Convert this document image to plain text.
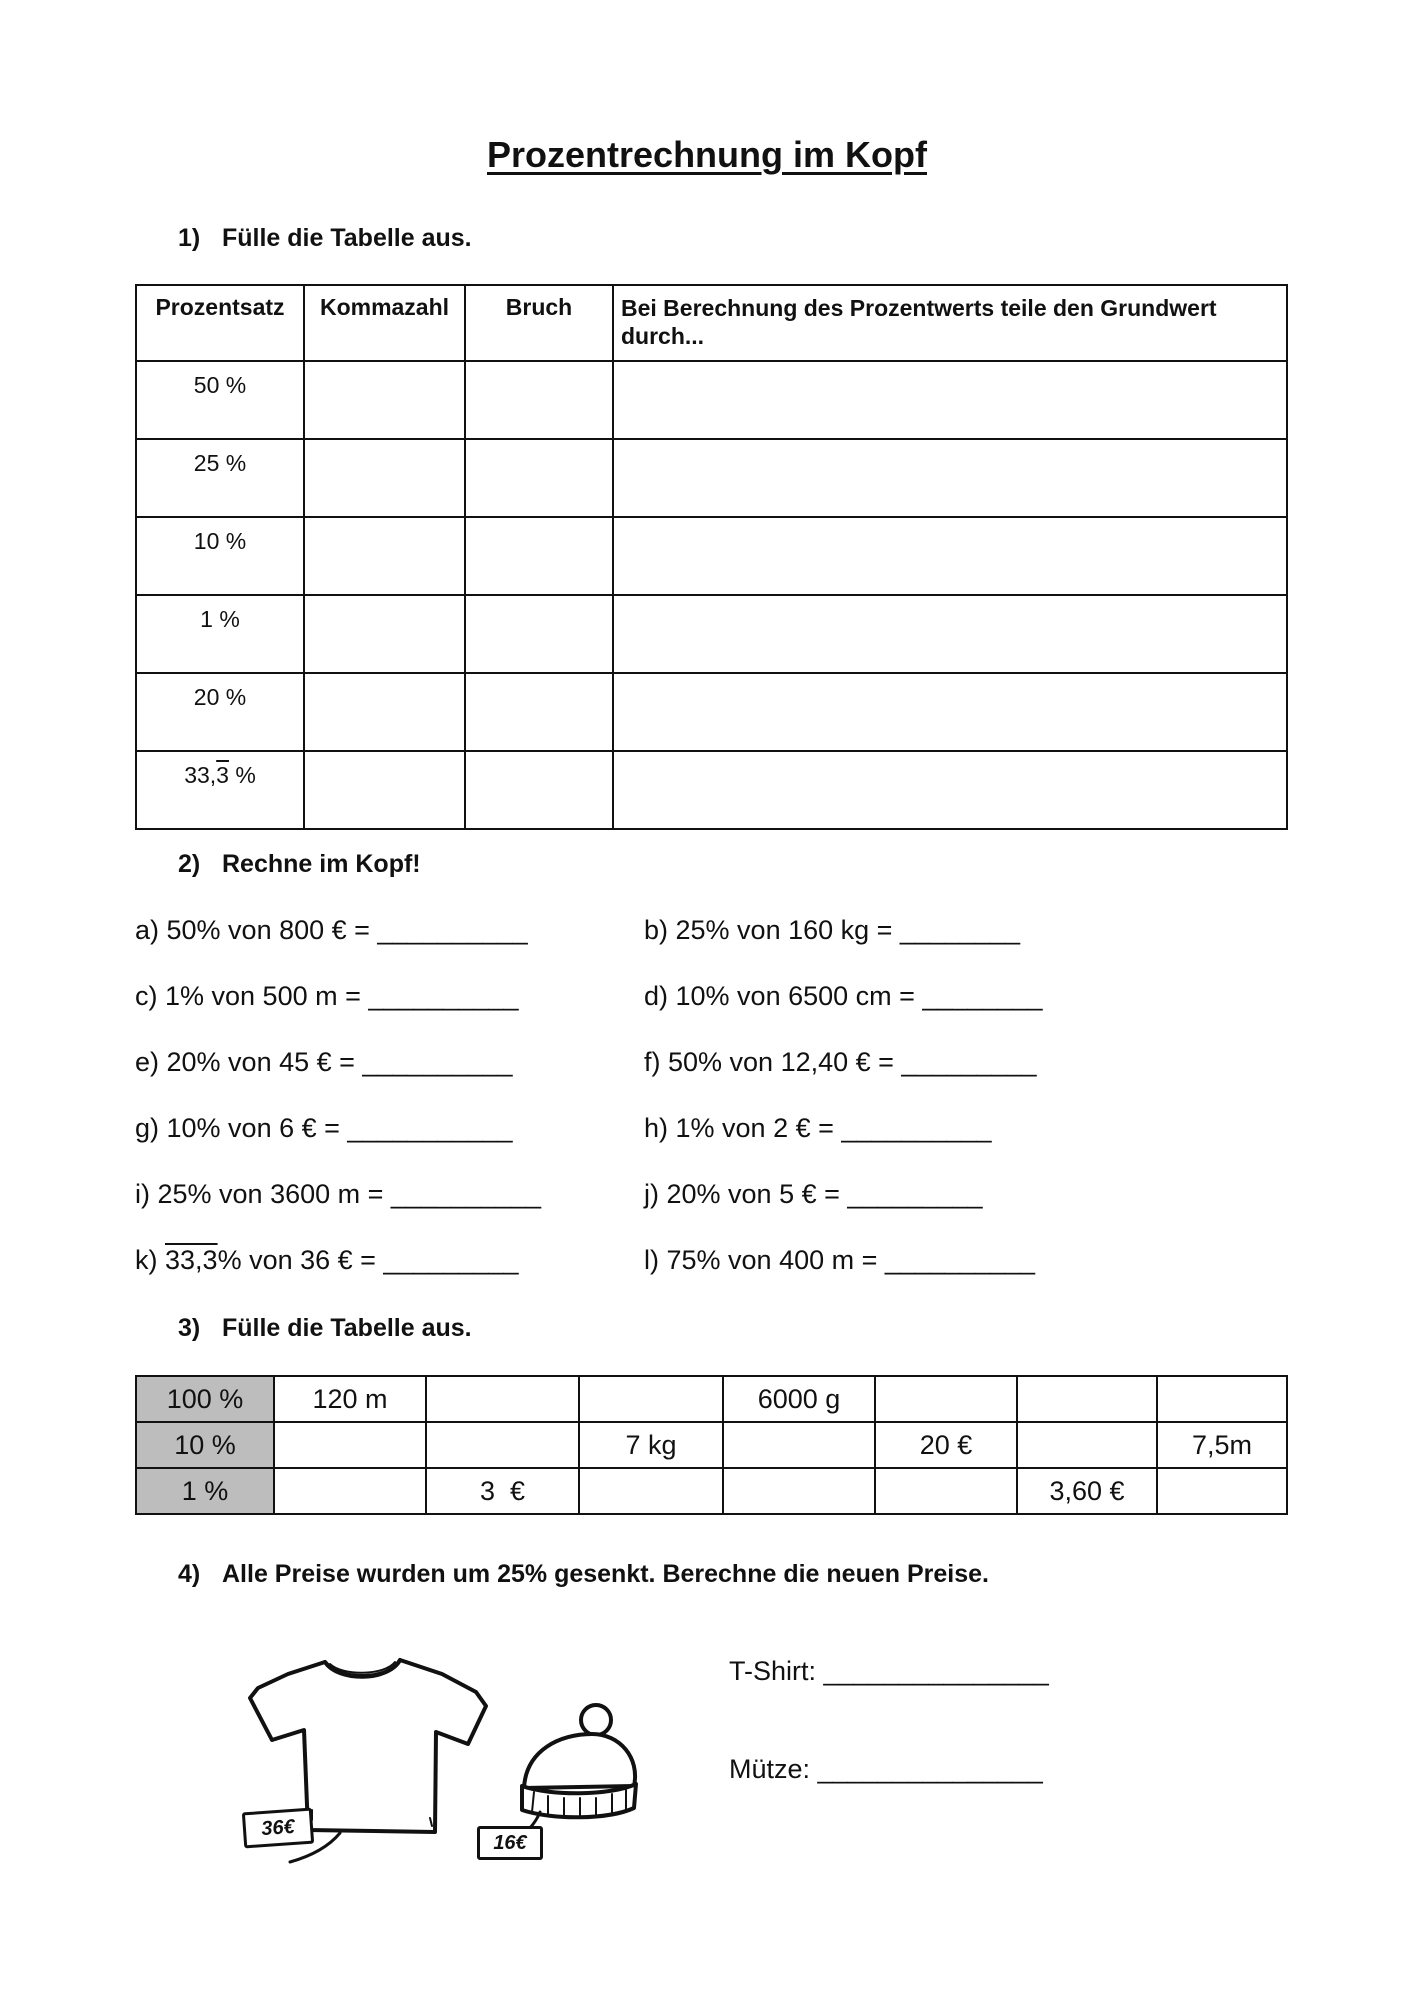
Prozentrechnung im Kopf
1) Fülle die Tabelle aus.
Prozentsatz	Kommazahl	Bruch	Bei Berechnung des Prozentwerts teile den Grundwert durch...
50 %			
25 %			
10 %			
1 %			
20 %			
33,3 %			
2) Rechne im Kopf!
a) 50% von 800 € = __________
c) 1% von 500 m = __________
e) 20% von 45 € = __________
g) 10% von 6 € = ___________
i) 25% von 3600 m = __________
k) 33,3% von 36 € = _________
b) 25% von 160 kg = ________
d) 10% von 6500 cm = ________
f) 50% von 12,40 € = _________
h) 1% von 2 € = __________
j) 20% von 5 € = _________
l) 75% von 400 m = __________
3) Fülle die Tabelle aus.
100 %	120 m			6000 g			
10 %			7 kg		20 €		7,5m
1 %		3  €				3,60 €	
4) Alle Preise wurden um 25% gesenkt. Berechne die neuen Preise.
36€
16€
T-Shirt: _______________
Mütze: _______________
